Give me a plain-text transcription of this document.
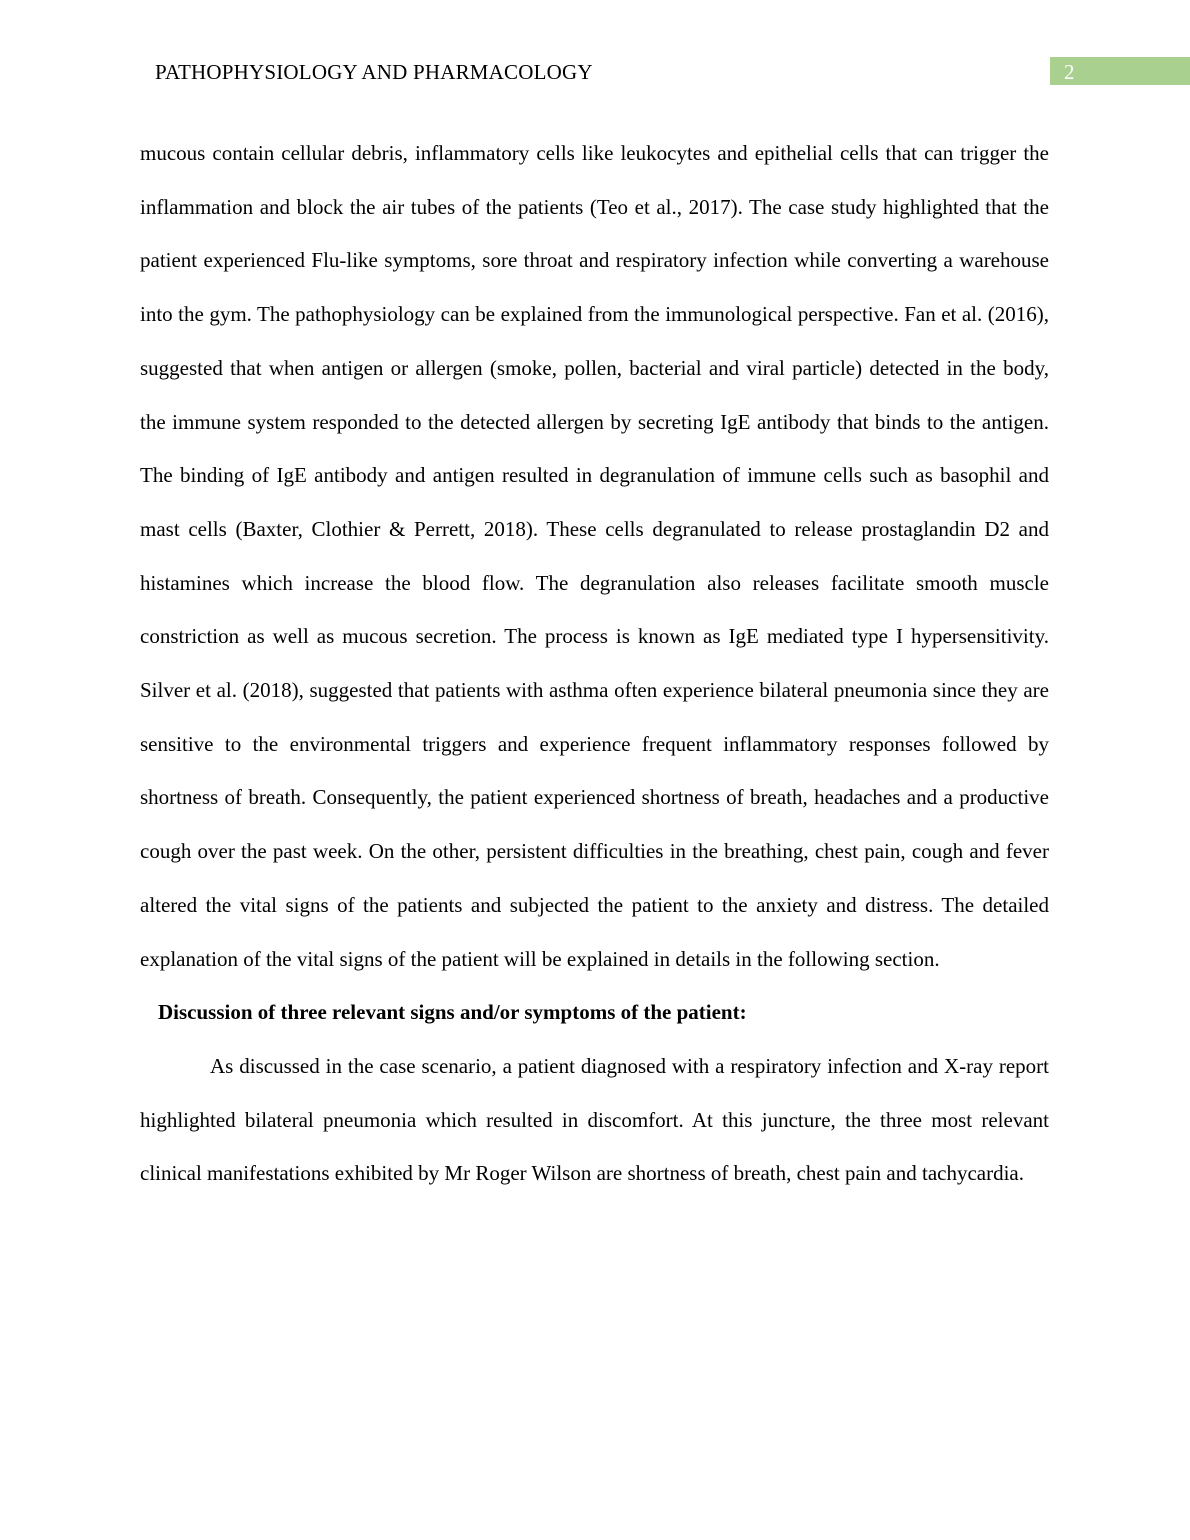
PATHOPHYSIOLOGY AND PHARMACOLOGY	2

mucous contain cellular debris, inflammatory cells like leukocytes and epithelial cells that can trigger the inflammation and block the air tubes of the patients (Teo et al., 2017). The case study highlighted that the patient experienced Flu-like symptoms, sore throat and respiratory infection while converting a warehouse into the gym. The pathophysiology can be explained from the immunological perspective. Fan et al. (2016), suggested that when antigen or allergen (smoke, pollen, bacterial and viral particle) detected in the body, the immune system responded to the detected allergen by secreting IgE antibody that binds to the antigen. The binding of IgE antibody and antigen resulted in degranulation of immune cells such as basophil and mast cells (Baxter, Clothier & Perrett, 2018). These cells degranulated to release prostaglandin D2 and histamines which increase the blood flow. The degranulation also releases facilitate smooth muscle constriction as well as mucous secretion. The process is known as IgE mediated type I hypersensitivity. Silver et al. (2018), suggested that patients with asthma often experience bilateral pneumonia since they are sensitive to the environmental triggers and experience frequent inflammatory responses followed by shortness of breath. Consequently, the patient experienced shortness of breath, headaches and a productive cough over the past week. On the other, persistent difficulties in the breathing, chest pain, cough and fever altered the vital signs of the patients and subjected the patient to the anxiety and distress. The detailed explanation of the vital signs of the patient will be explained in details in the following section.

Discussion of three relevant signs and/or symptoms of the patient:

As discussed in the case scenario, a patient diagnosed with a respiratory infection and X-ray report highlighted bilateral pneumonia which resulted in discomfort. At this juncture, the three most relevant clinical manifestations exhibited by Mr Roger Wilson are shortness of breath, chest pain and tachycardia.
